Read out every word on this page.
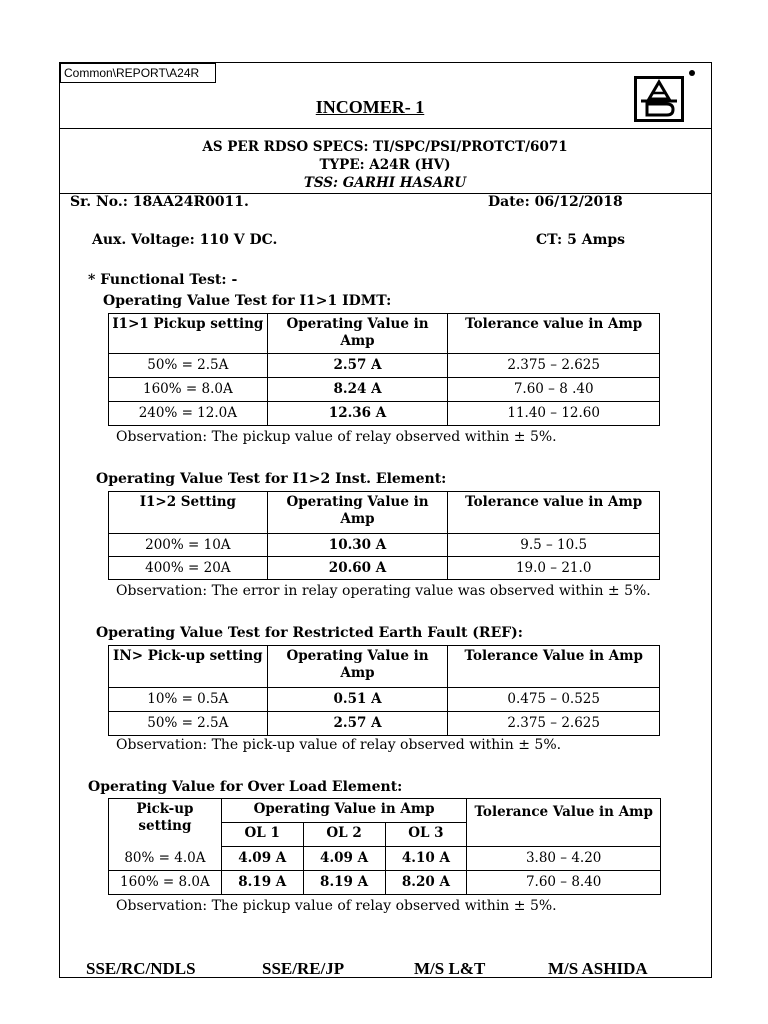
Common\REPORT\A24R
INCOMER- 1
AS PER RDSO SPECS: TI/SPC/PSI/PROTCT/6071
TYPE: A24R (HV)
TSS: GARHI HASARU
Sr. No.: 18AA24R0011.	Date: 06/12/2018
Aux. Voltage: 110 V DC.	CT: 5 Amps
* Functional Test: -
Operating Value Test for I1>1 IDMT:
I1>1 Pickup setting	Operating Value in Amp	Tolerance value in Amp
50% = 2.5A	2.57 A	2.375 – 2.625
160% = 8.0A	8.24 A	7.60 – 8 .40
240% = 12.0A	12.36 A	11.40 – 12.60
Observation: The pickup value of relay observed within ± 5%.
Operating Value Test for I1>2 Inst. Element:
I1>2 Setting	Operating Value in Amp	Tolerance value in Amp
200% = 10A	10.30 A	9.5 – 10.5
400% = 20A	20.60 A	19.0 – 21.0
Observation: The error in relay operating value was observed within ± 5%.
Operating Value Test for Restricted Earth Fault (REF):
IN> Pick-up setting	Operating Value in Amp	Tolerance Value in Amp
10% = 0.5A	0.51 A	0.475 – 0.525
50% = 2.5A	2.57 A	2.375 – 2.625
Observation: The pick-up value of relay observed within ± 5%.
Operating Value for Over Load Element:
Pick-up setting	Operating Value in Amp			Tolerance Value in Amp
	OL 1	OL 2	OL 3	
80% = 4.0A	4.09 A	4.09 A	4.10 A	3.80 – 4.20
160% = 8.0A	8.19 A	8.19 A	8.20 A	7.60 – 8.40
Observation: The pickup value of relay observed within ± 5%.
SSE/RC/NDLS	SSE/RE/JP	M/S L&T	M/S ASHIDA
